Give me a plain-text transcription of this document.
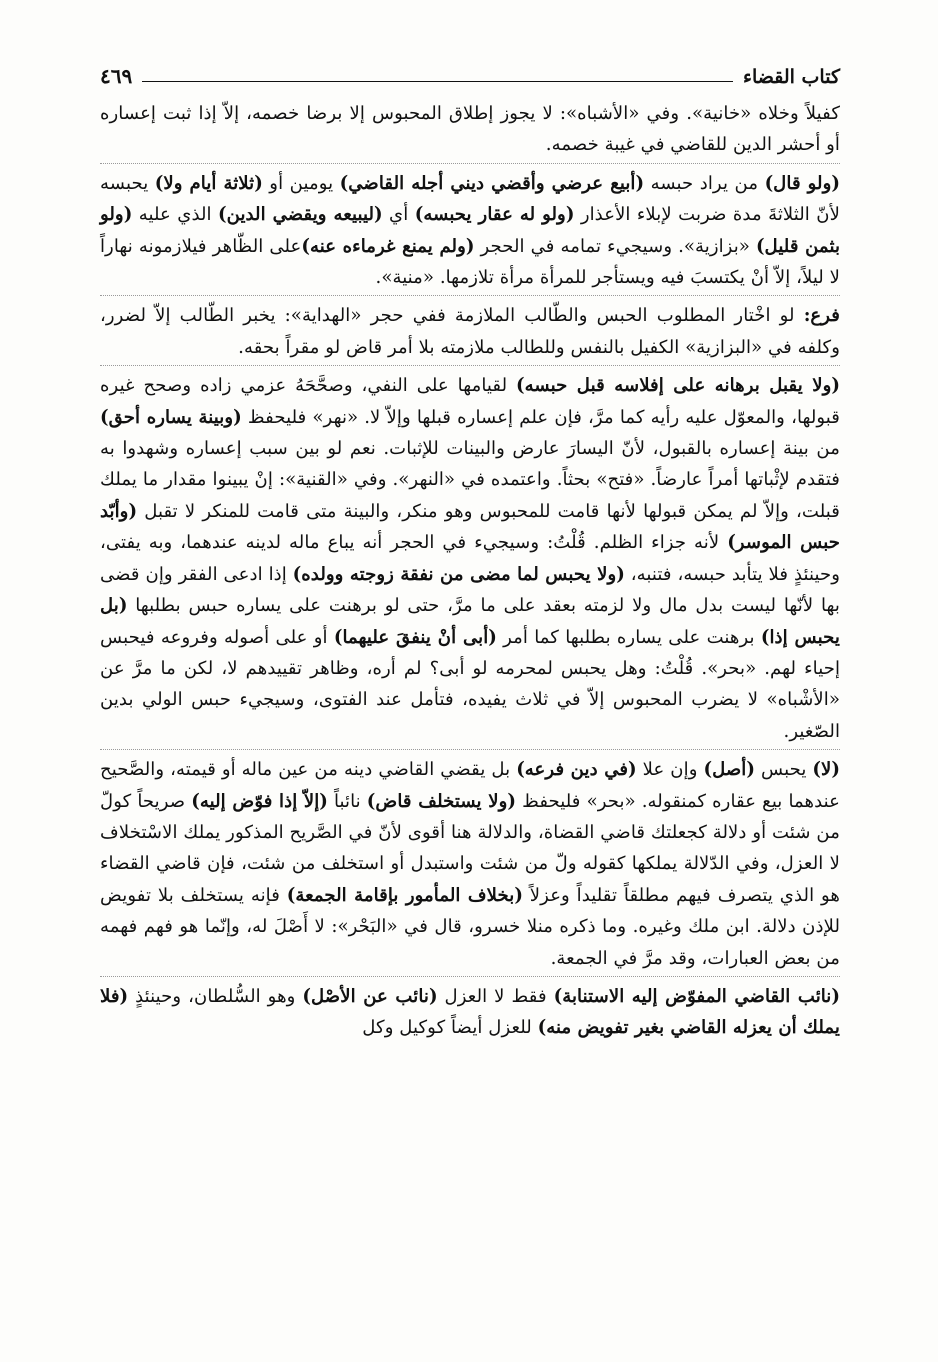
كتاب القضاء
٤٦٩

كفيلاً وخلاه «خانية». وفي «الأشباه»: لا يجوز إطلاق المحبوس إلا برضا خصمه، إلاّ إذا ثبت إعساره أو أحشر الدين للقاضي في غيبة خصمه.

(ولو قال) من يراد حبسه (أبيع عرضي وأقضي ديني أجله القاضي) يومين أو (ثلاثة أيام ولا) يحبسه لأنّ الثلاثةَ مدة ضربت لإبلاء الأعذار (ولو له عقار يحبسه) أي (ليبيعه ويقضي الدين) الذي عليه (ولو بثمن قليل) «بزازية». وسيجيء تمامه في الحجر (ولم يمنع غرماءه عنه)على الظّاهر فيلازمونه نهاراً لا ليلاً، إلاّ أنْ يكتسبَ فيه ويستأجر للمرأة مرأة تلازمها. «منية».

فرع: لو اخْتار المطلوب الحبس والطّالب الملازمة ففي حجر «الهداية»: يخبر الطّالب إلاّ لضرر، وكلفه في «البزازية» الكفيل بالنفس وللطالب ملازمته بلا أمر قاض لو مقراً بحقه.

(ولا يقبل برهانه على إفلاسه قبل حبسه) لقيامها على النفي، وصحَّحَهُ عزمي زاده وصحح غيره قبولها، والمعوّل عليه رأيه كما مرَّ، فإن علم إعساره قبلها وإلاّ لا. «نهر» فليحفظ (وبينة يساره أحق) من بينة إعساره بالقبول، لأنّ اليسارَ عارض والبينات للإثبات. نعم لو بين سبب إعساره وشهدوا به فتقدم لإثْباتها أمراً عارضاً. «فتح» بحثاً. واعتمده في «النهر». وفي «القنية»: إنْ يبينوا مقدار ما يملك قبلت، وإلاّ لم يمكن قبولها لأنها قامت للمحبوس وهو منكر، والبينة متى قامت للمنكر لا تقبل (وأبّد حبس الموسر) لأنه جزاء الظلم. قُلْتُ: وسيجيء في الحجر أنه يباع ماله لدينه عندهما، وبه يفتى، وحينئذٍ فلا يتأبد حبسه، فتنبه، (ولا يحبس لما مضى من نفقة زوجته وولده) إذا ادعى الفقر وإن قضى بها لأنّها ليست بدل مال ولا لزمته بعقد على ما مرَّ، حتى لو برهنت على يساره حبس بطلبها (بل يحبس إذا) برهنت على يساره بطلبها كما أمر (أبى أنْ ينفقَ عليهما) أو على أصوله وفروعه فيحبس إحياء لهم. «بحر». قُلْتُ: وهل يحبس لمحرمه لو أبى؟ لم أره، وظاهر تقييدهم لا، لكن ما مرَّ عن «الأشْباه» لا يضرب المحبوس إلاّ في ثلاث يفيده، فتأمل عند الفتوى، وسيجيء حبس الولي بدين الصّغير.

(لا) يحبس (أصل) وإن علا (في دين فرعه) بل يقضي القاضي دينه من عين ماله أو قيمته، والصَّحيح عندهما بيع عقاره كمنقوله. «بحر» فليحفظ (ولا يستخلف قاض) نائباً (إلاّ إذا فوّض إليه) صريحاً كولّ من شئت أو دلالة كجعلتك قاضي القضاة، والدلالة هنا أقوى لأنّ في الصَّريح المذكور يملك الاسْتخلاف لا العزل، وفي الدّلالة يملكها كقوله ولّ من شئت واستبدل أو استخلف من شئت، فإن قاضي القضاء هو الذي يتصرف فيهم مطلقاً تقليداً وعزلاً (بخلاف المأمور بإقامة الجمعة) فإنه يستخلف بلا تفويض للإذن دلالة. ابن ملك وغيره. وما ذكره منلا خسرو، قال في «البَحْر»: لا أَصْلَ له، وإنّما هو فهم فهمه من بعض العبارات، وقد مرَّ في الجمعة.

(نائب القاضي المفوّض إليه الاستنابة) فقط لا العزل (نائب عن الأصْل) وهو السُّلطان، وحينئذٍ (فلا يملك أن يعزله القاضي بغير تفويض منه) للعزل أيضاً كوكيل وكل
